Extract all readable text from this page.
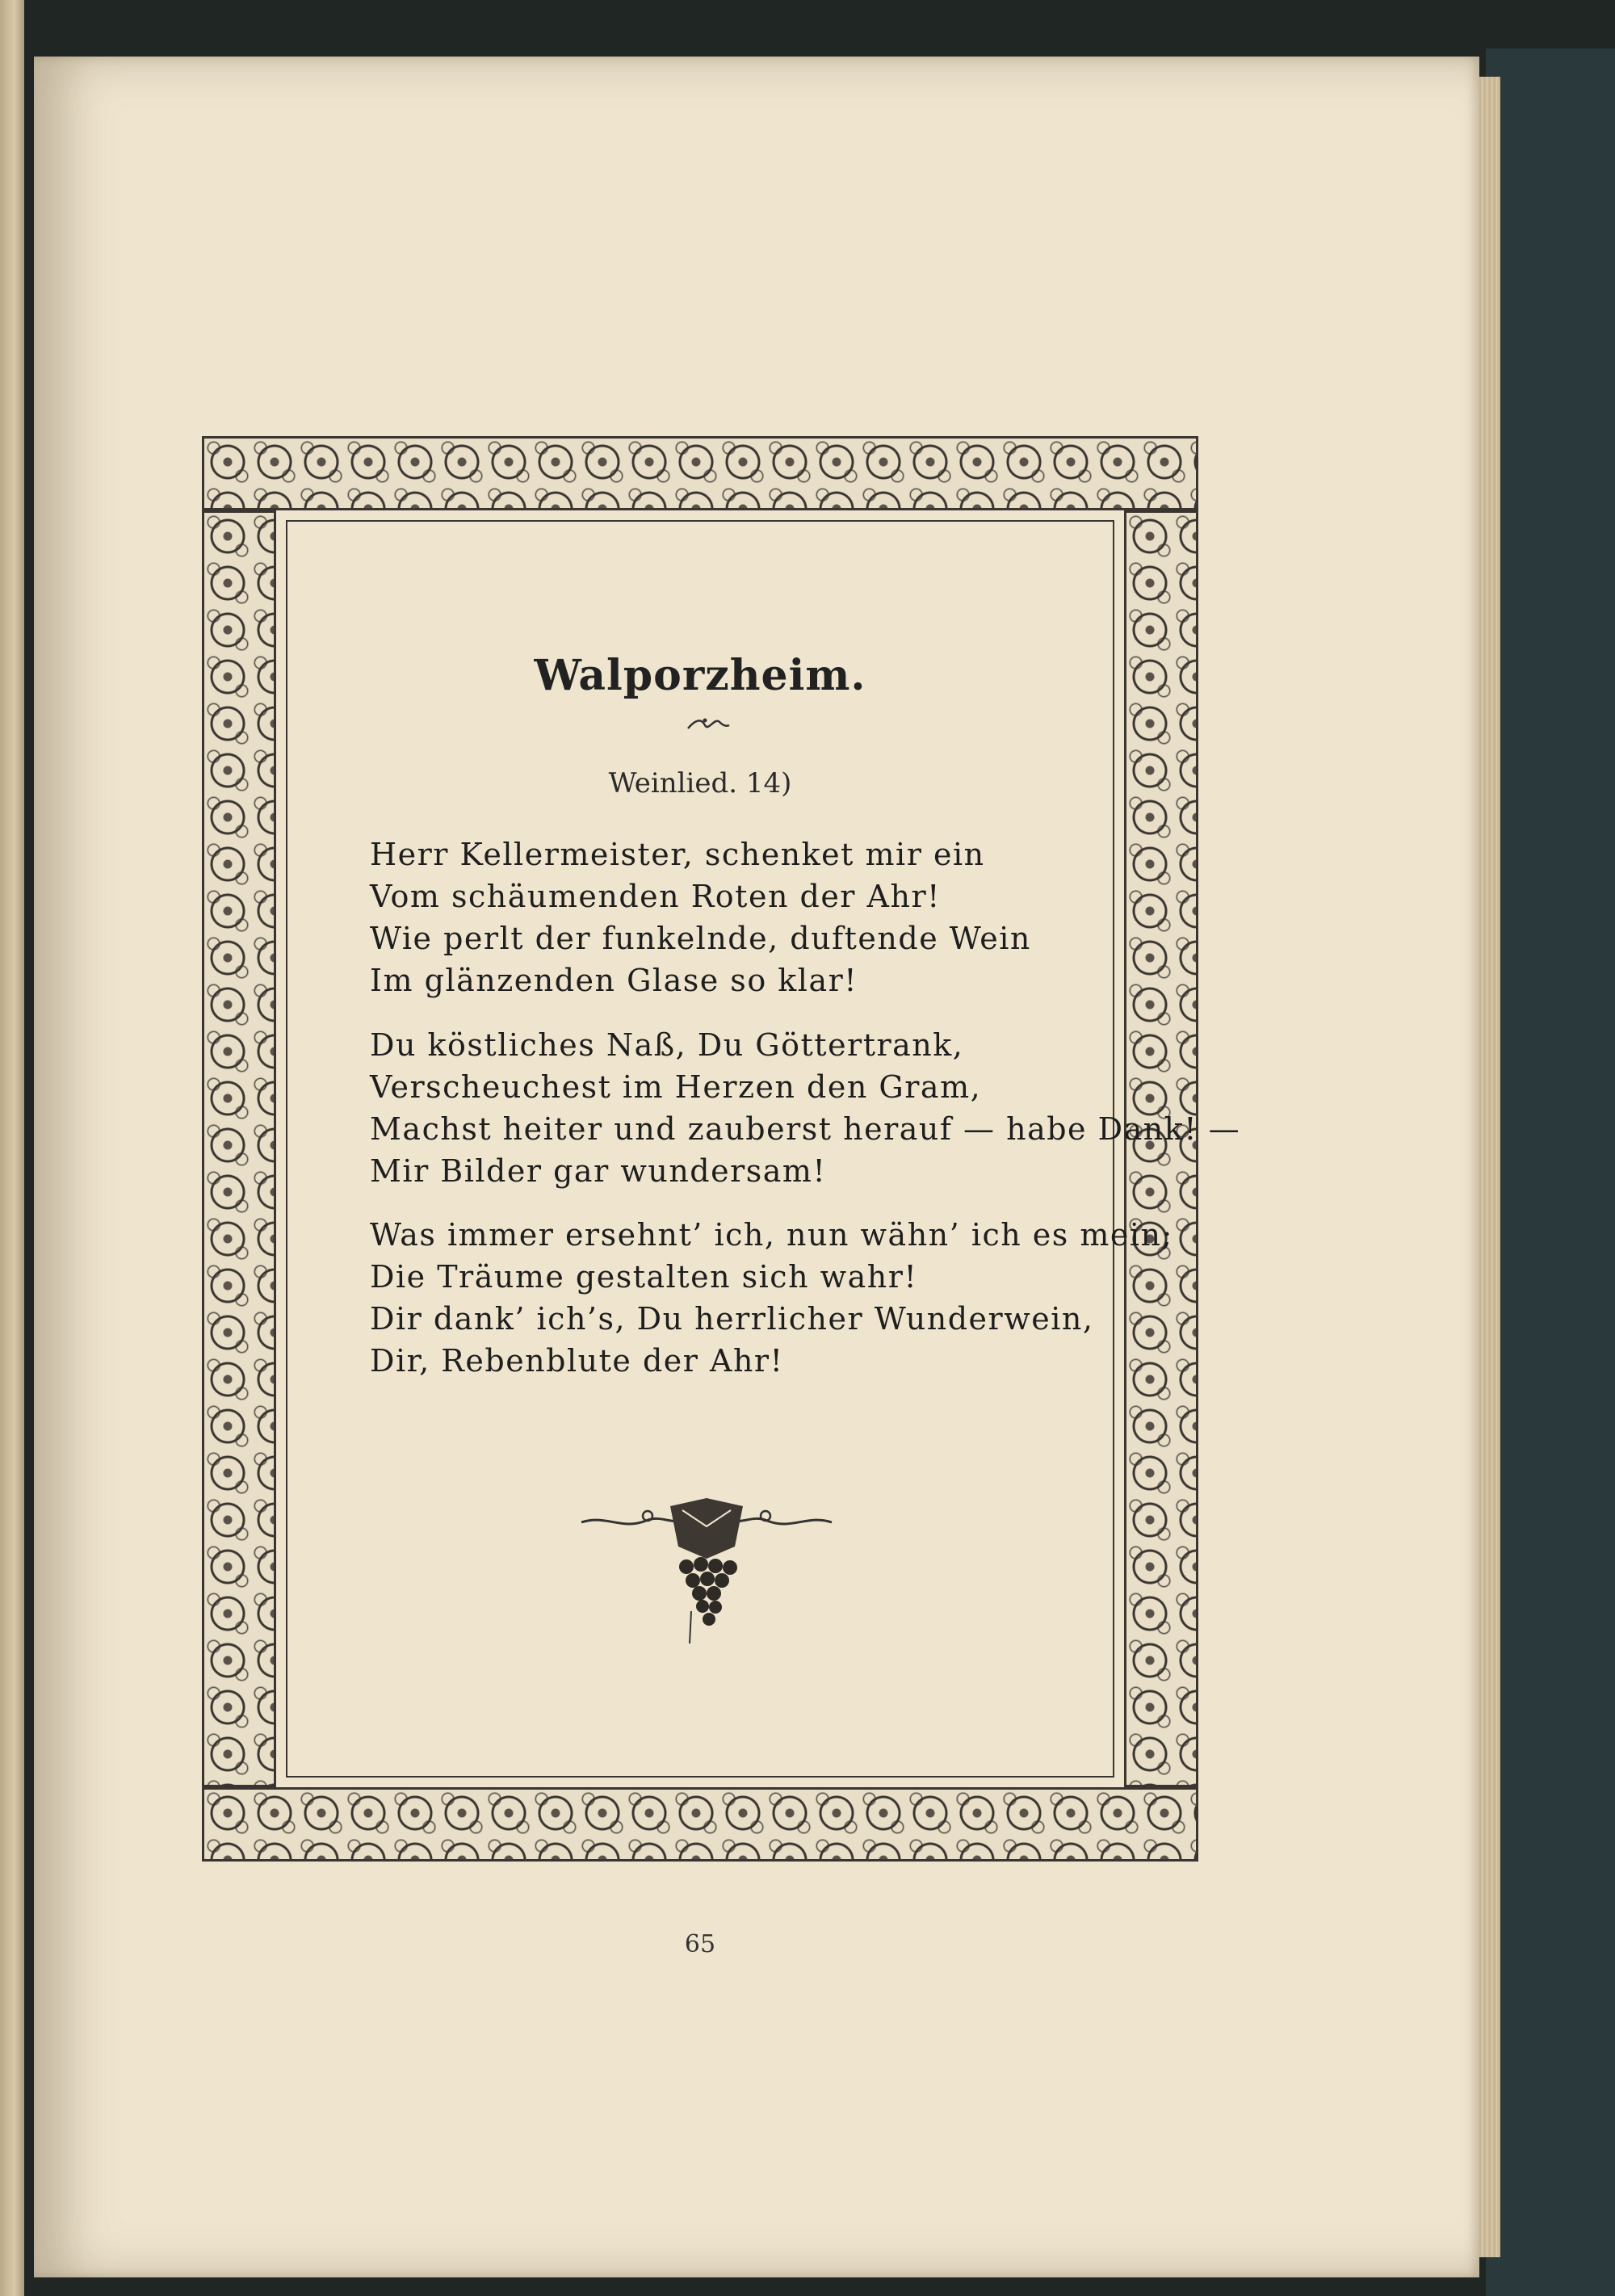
Walporzheim.
Weinlied. 14)
Herr Kellermeister, schenket mir ein
Vom schäumenden Roten der Ahr!
Wie perlt der funkelnde, duftende Wein
Im glänzenden Glase so klar!
Du köstliches Naß, Du Göttertrank,
Verscheuchest im Herzen den Gram,
Machst heiter und zauberst herauf — habe Dank! —
Mir Bilder gar wundersam!
Was immer ersehnt’ ich, nun wähn’ ich es mein;
Die Träume gestalten sich wahr!
Dir dank’ ich’s, Du herrlicher Wunderwein,
Dir, Rebenblute der Ahr!
65
